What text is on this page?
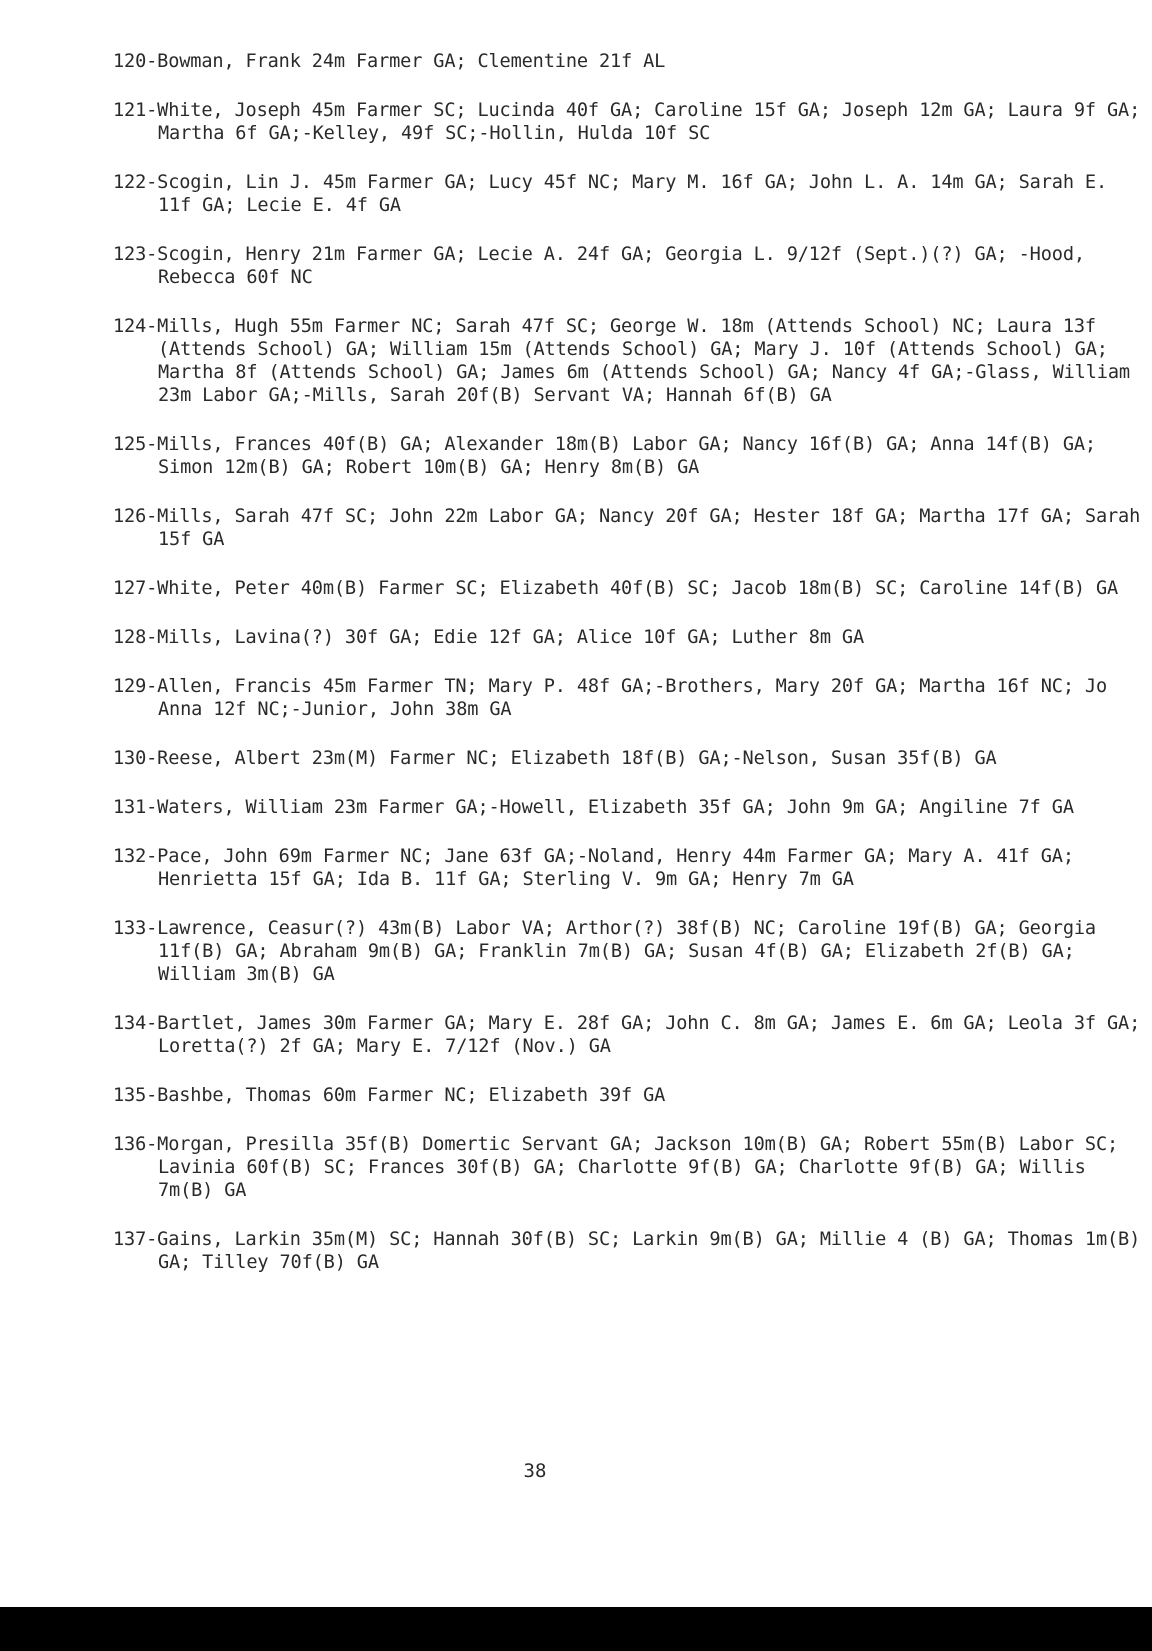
120-Bowman, Frank 24m Farmer GA; Clementine 21f AL

121-White, Joseph 45m Farmer SC; Lucinda 40f GA; Caroline 15f GA; Joseph 12m GA; Laura 9f GA; Martha 6f GA;-Kelley, 49f SC;-Hollin, Hulda 10f SC

122-Scogin, Lin J. 45m Farmer GA; Lucy 45f NC; Mary M. 16f GA; John L. A. 14m GA; Sarah E. 11f GA; Lecie E. 4f GA

123-Scogin, Henry 21m Farmer GA; Lecie A. 24f GA; Georgia L. 9/12f (Sept.)(?) GA; -Hood, Rebecca 60f NC

124-Mills, Hugh 55m Farmer NC; Sarah 47f SC; George W. 18m (Attends School) NC; Laura 13f (Attends School) GA; William 15m (Attends School) GA; Mary J. 10f (Attends School) GA; Martha 8f (Attends School) GA; James 6m (Attends School) GA; Nancy 4f GA;-Glass, William 23m Labor GA;-Mills, Sarah 20f(B) Servant VA; Hannah 6f(B) GA

125-Mills, Frances 40f(B) GA; Alexander 18m(B) Labor GA; Nancy 16f(B) GA; Anna 14f(B) GA; Simon 12m(B) GA; Robert 10m(B) GA; Henry 8m(B) GA

126-Mills, Sarah 47f SC; John 22m Labor GA; Nancy 20f GA; Hester 18f GA; Martha 17f GA; Sarah 15f GA

127-White, Peter 40m(B) Farmer SC; Elizabeth 40f(B) SC; Jacob 18m(B) SC; Caroline 14f(B) GA

128-Mills, Lavina(?) 30f GA; Edie 12f GA; Alice 10f GA; Luther 8m GA

129-Allen, Francis 45m Farmer TN; Mary P. 48f GA;-Brothers, Mary 20f GA; Martha 16f NC; Jo Anna 12f NC;-Junior, John 38m GA

130-Reese, Albert 23m(M) Farmer NC; Elizabeth 18f(B) GA;-Nelson, Susan 35f(B) GA

131-Waters, William 23m Farmer GA;-Howell, Elizabeth 35f GA; John 9m GA; Angiline 7f GA

132-Pace, John 69m Farmer NC; Jane 63f GA;-Noland, Henry 44m Farmer GA; Mary A. 41f GA; Henrietta 15f GA; Ida B. 11f GA; Sterling V. 9m GA; Henry 7m GA

133-Lawrence, Ceasur(?) 43m(B) Labor VA; Arthor(?) 38f(B) NC; Caroline 19f(B) GA; Georgia 11f(B) GA; Abraham 9m(B) GA; Franklin 7m(B) GA; Susan 4f(B) GA; Elizabeth 2f(B) GA; William 3m(B) GA

134-Bartlet, James 30m Farmer GA; Mary E. 28f GA; John C. 8m GA; James E. 6m GA; Leola 3f GA; Loretta(?) 2f GA; Mary E. 7/12f (Nov.) GA

135-Bashbe, Thomas 60m Farmer NC; Elizabeth 39f GA

136-Morgan, Presilla 35f(B) Domertic Servant GA; Jackson 10m(B) GA; Robert 55m(B) Labor SC; Lavinia 60f(B) SC; Frances 30f(B) GA; Charlotte 9f(B) GA; Charlotte 9f(B) GA; Willis 7m(B) GA

137-Gains, Larkin 35m(M) SC; Hannah 30f(B) SC; Larkin 9m(B) GA; Millie 4 (B) GA; Thomas 1m(B) GA; Tilley 70f(B) GA

38
